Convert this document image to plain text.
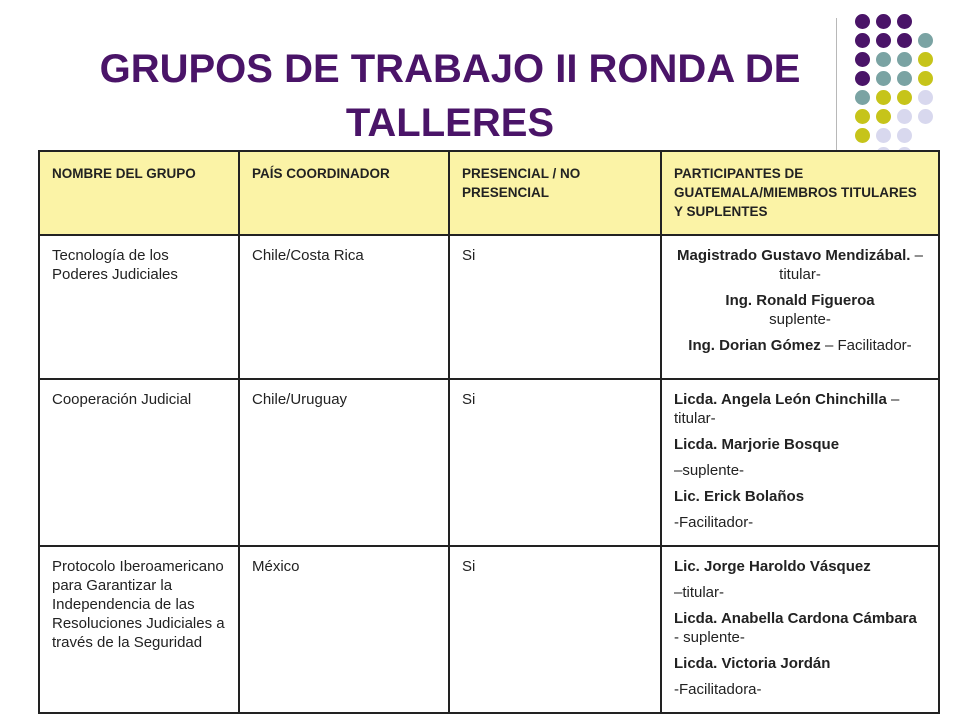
GRUPOS DE TRABAJO II RONDA DE TALLERES
NOMBRE DEL GRUPO	PAÍS COORDINADOR	PRESENCIAL / NO PRESENCIAL	PARTICIPANTES DE GUATEMALA/MIEMBROS TITULARES Y SUPLENTES
Tecnología de los Poderes Judiciales	Chile/Costa Rica	Si	Magistrado Gustavo Mendizábal. –titular-

Ing. Ronald Figueroa
suplente-

Ing. Dorian Gómez – Facilitador-

Cooperación Judicial	Chile/Uruguay	Si	Licda. Angela León Chinchilla – titular-

Licda. Marjorie Bosque

–suplente-

Lic. Erick Bolaños

-Facilitador-

Protocolo Iberoamericano para Garantizar la Independencia de las Resoluciones Judiciales a través de la Seguridad	México	Si	Lic. Jorge Haroldo Vásquez

–titular-

Licda. Anabella Cardona Cámbara - suplente-

Licda. Victoria Jordán

-Facilitadora-
